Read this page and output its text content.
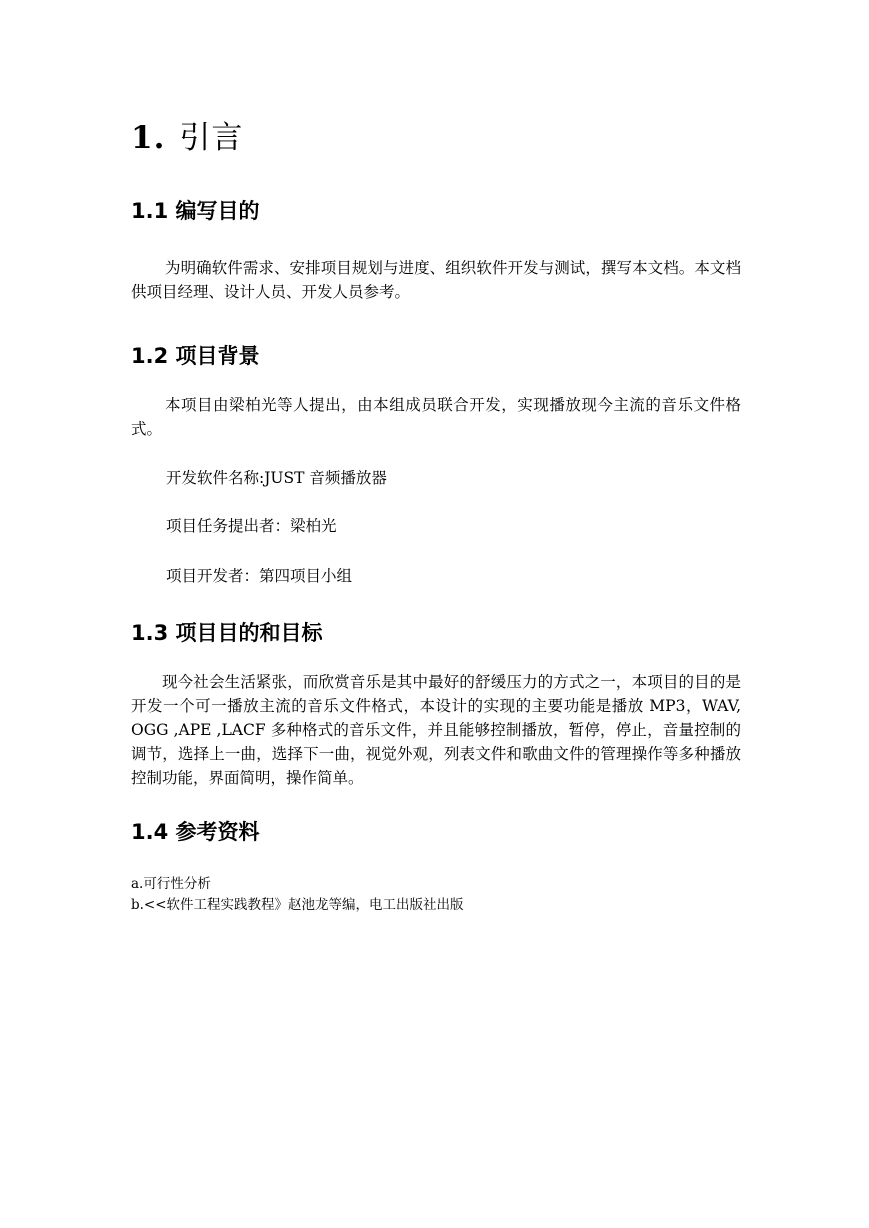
1. 引言
1.1 编写目的
为明确软件需求、安排项目规划与进度、组织软件开发与测试，撰写本文档。本文档供项目经理、设计人员、开发人员参考。
1.2 项目背景
本项目由梁柏光等人提出，由本组成员联合开发，实现播放现今主流的音乐文件格式。
开发软件名称:JUST 音频播放器
项目任务提出者：梁柏光
项目开发者：第四项目小组
1.3 项目目的和目标
现今社会生活紧张，而欣赏音乐是其中最好的舒缓压力的方式之一，本项目的目的是开发一个可一播放主流的音乐文件格式，本设计的实现的主要功能是播放 MP3，WAV, OGG ,APE ,LACF 多种格式的音乐文件，并且能够控制播放，暂停，停止，音量控制的调节，选择上一曲，选择下一曲，视觉外观，列表文件和歌曲文件的管理操作等多种播放控制功能，界面简明，操作简单。
1.4 参考资料
a.可行性分析
b.<<软件工程实践教程》赵池龙等编，电工出版社出版
